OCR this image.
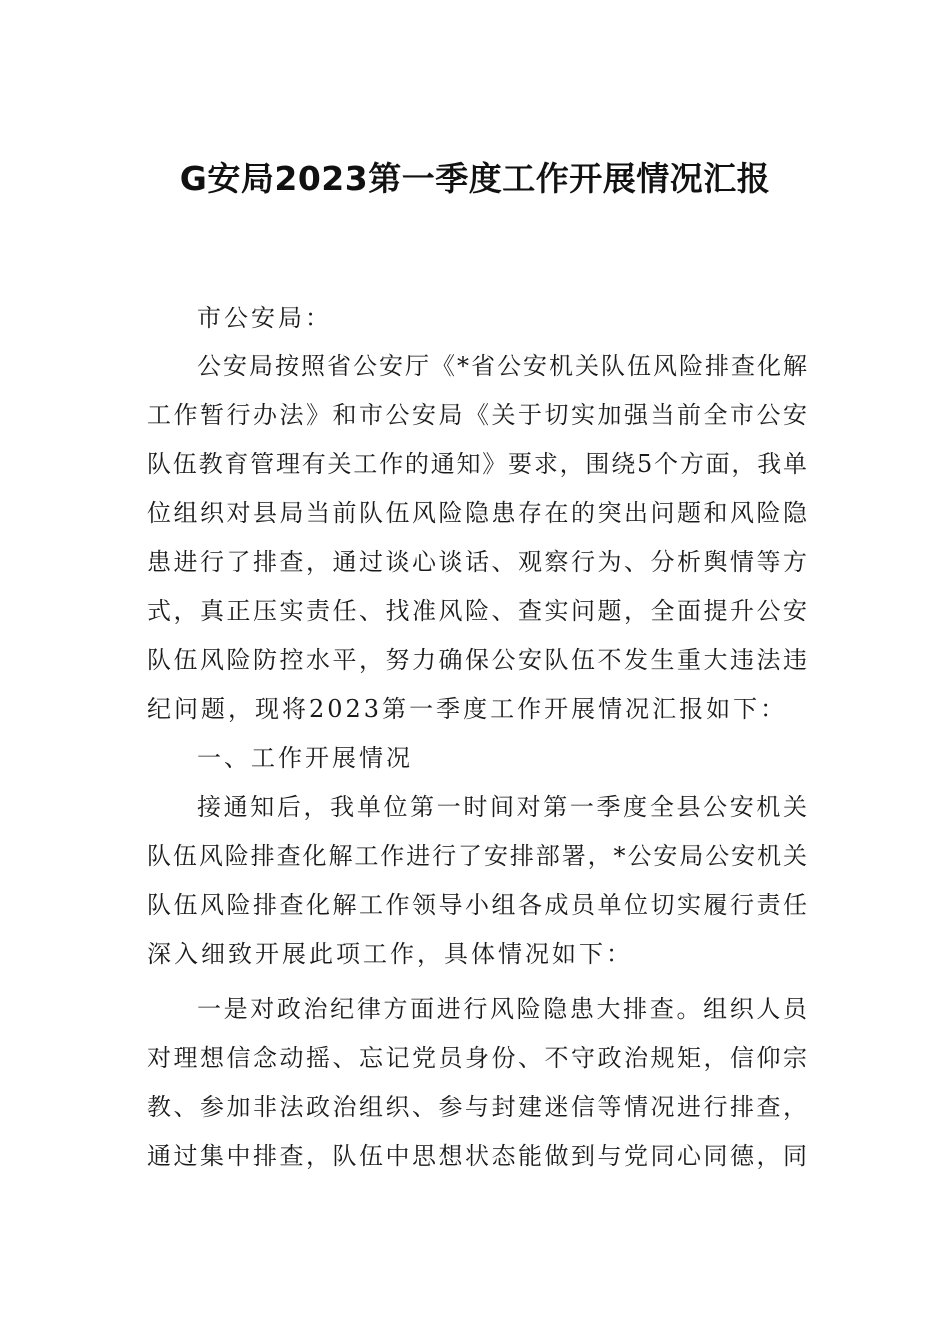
G安局2023第一季度工作开展情况汇报

市公安局：

公安局按照省公安厅《*省公安机关队伍风险排查化解

工作暂行办法》和市公安局《关于切实加强当前全市公安

队伍教育管理有关工作的通知》要求，围绕5个方面，我单

位组织对县局当前队伍风险隐患存在的突出问题和风险隐

患进行了排查，通过谈心谈话、观察行为、分析舆情等方

式，真正压实责任、找准风险、查实问题，全面提升公安

队伍风险防控水平，努力确保公安队伍不发生重大违法违

纪问题，现将2023第一季度工作开展情况汇报如下：

一、工作开展情况

接通知后，我单位第一时间对第一季度全县公安机关

队伍风险排查化解工作进行了安排部署，*公安局公安机关

队伍风险排查化解工作领导小组各成员单位切实履行责任

深入细致开展此项工作，具体情况如下：

一是对政治纪律方面进行风险隐患大排查。组织人员

对理想信念动摇、忘记党员身份、不守政治规矩，信仰宗

教、参加非法政治组织、参与封建迷信等情况进行排查，

通过集中排查，队伍中思想状态能做到与党同心同德，同
